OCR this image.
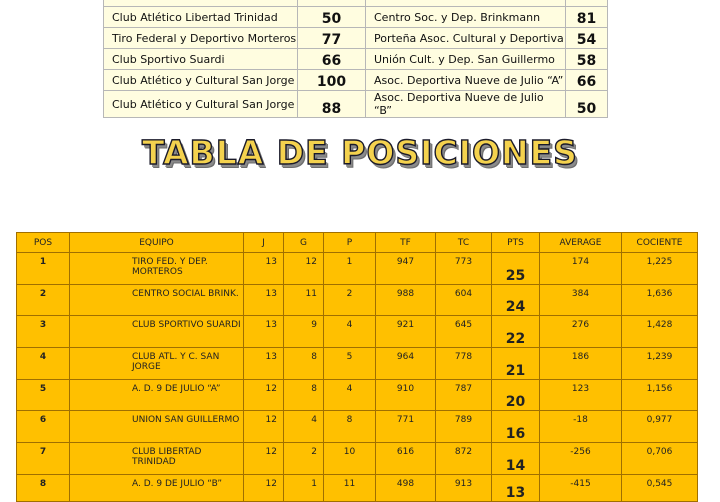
Club Atlético Libertad Trinidad	50	Centro Soc. y Dep. Brinkmann	81
Tiro Federal y Deportivo Morteros	77	Porteña Asoc. Cultural y Deportiva	54
Club Sportivo Suardi	66	Unión Cult. y Dep. San Guillermo	58
Club Atlético y Cultural San Jorge	100	Asoc. Deportiva Nueve de Julio “A”	66
Club Atlético y Cultural San Jorge	88	Asoc. Deportiva Nueve de Julio “B”	50
TABLA DE POSICIONES
POS	EQUIPO	J	G	P	TF	TC	PTS	AVERAGE	COCIENTE
1	TIRO FED. Y DEP. MORTEROS	13	12	1	947	773	25	174	1,225
2	CENTRO SOCIAL BRINK.	13	11	2	988	604	24	384	1,636
3	CLUB SPORTIVO SUARDI	13	9	4	921	645	22	276	1,428
4	CLUB ATL. Y C. SAN JORGE	13	8	5	964	778	21	186	1,239
5	A. D. 9 DE JULIO “A”	12	8	4	910	787	20	123	1,156
6	UNION SAN GUILLERMO	12	4	8	771	789	16	-18	0,977
7	CLUB LIBERTAD TRINIDAD	12	2	10	616	872	14	-256	0,706
8	A. D. 9 DE JULIO “B”	12	1	11	498	913	13	-415	0,545
